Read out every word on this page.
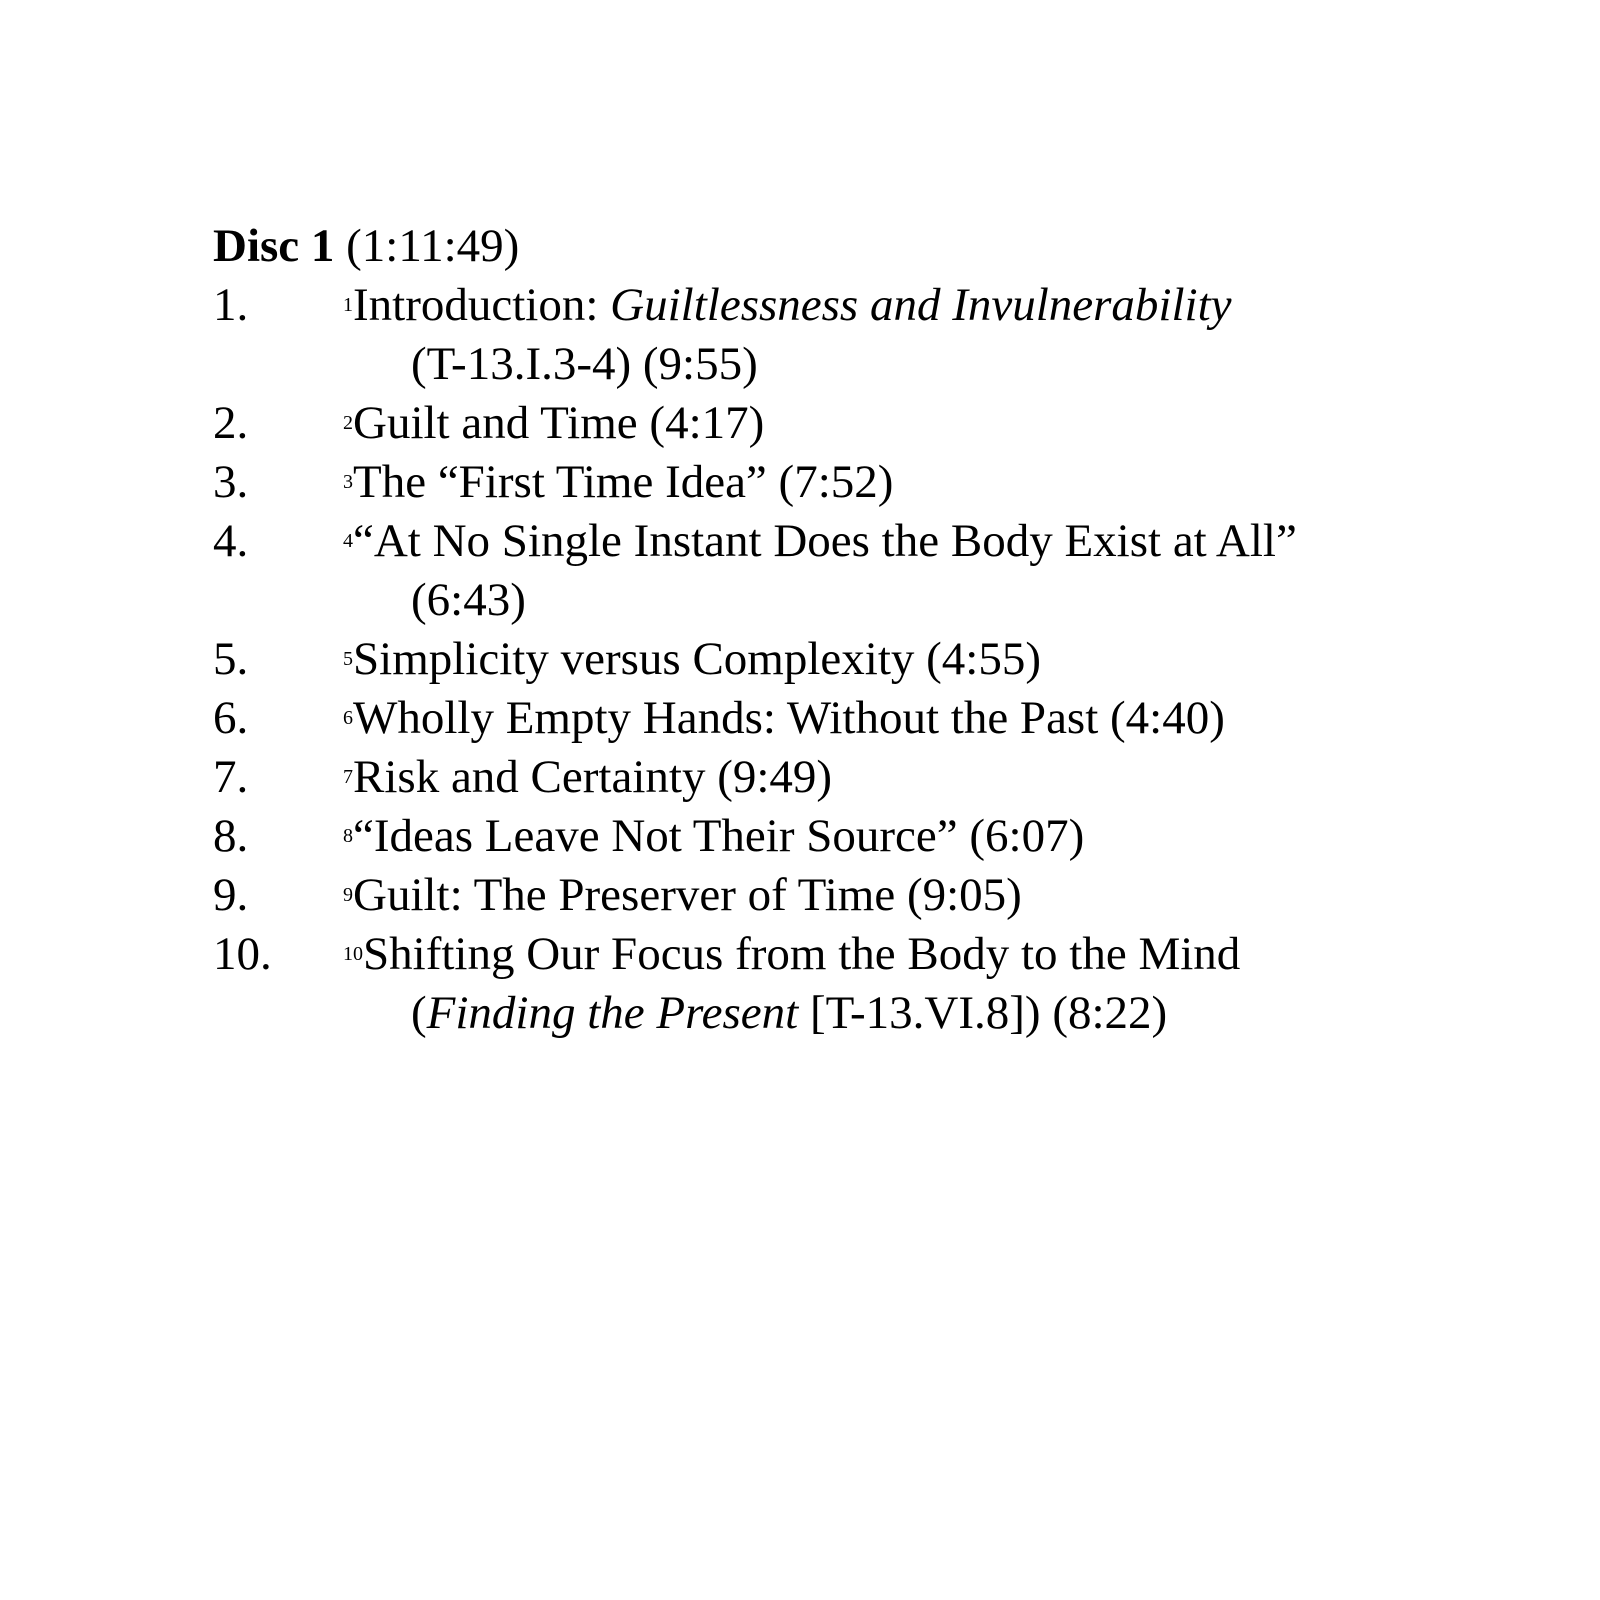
Disc 1 (1:11:49)
1.	$^1$Introduction: Guiltlessness and Invulnerability
(T-13.I.3-4) (9:55)
2.	$^2$Guilt and Time (4:17)
3.	$^3$The “First Time Idea” (7:52)
4.	$^4$“At No Single Instant Does the Body Exist at All”
(6:43)
5.	$^5$Simplicity versus Complexity (4:55)
6.	$^6$Wholly Empty Hands: Without the Past (4:40)
7.	$^7$Risk and Certainty (9:49)
8.	$^8$“Ideas Leave Not Their Source” (6:07)
9.	$^9$Guilt: The Preserver of Time (9:05)
10.	$^{10}$Shifting Our Focus from the Body to the Mind
(Finding the Present [T-13.VI.8]) (8:22)
